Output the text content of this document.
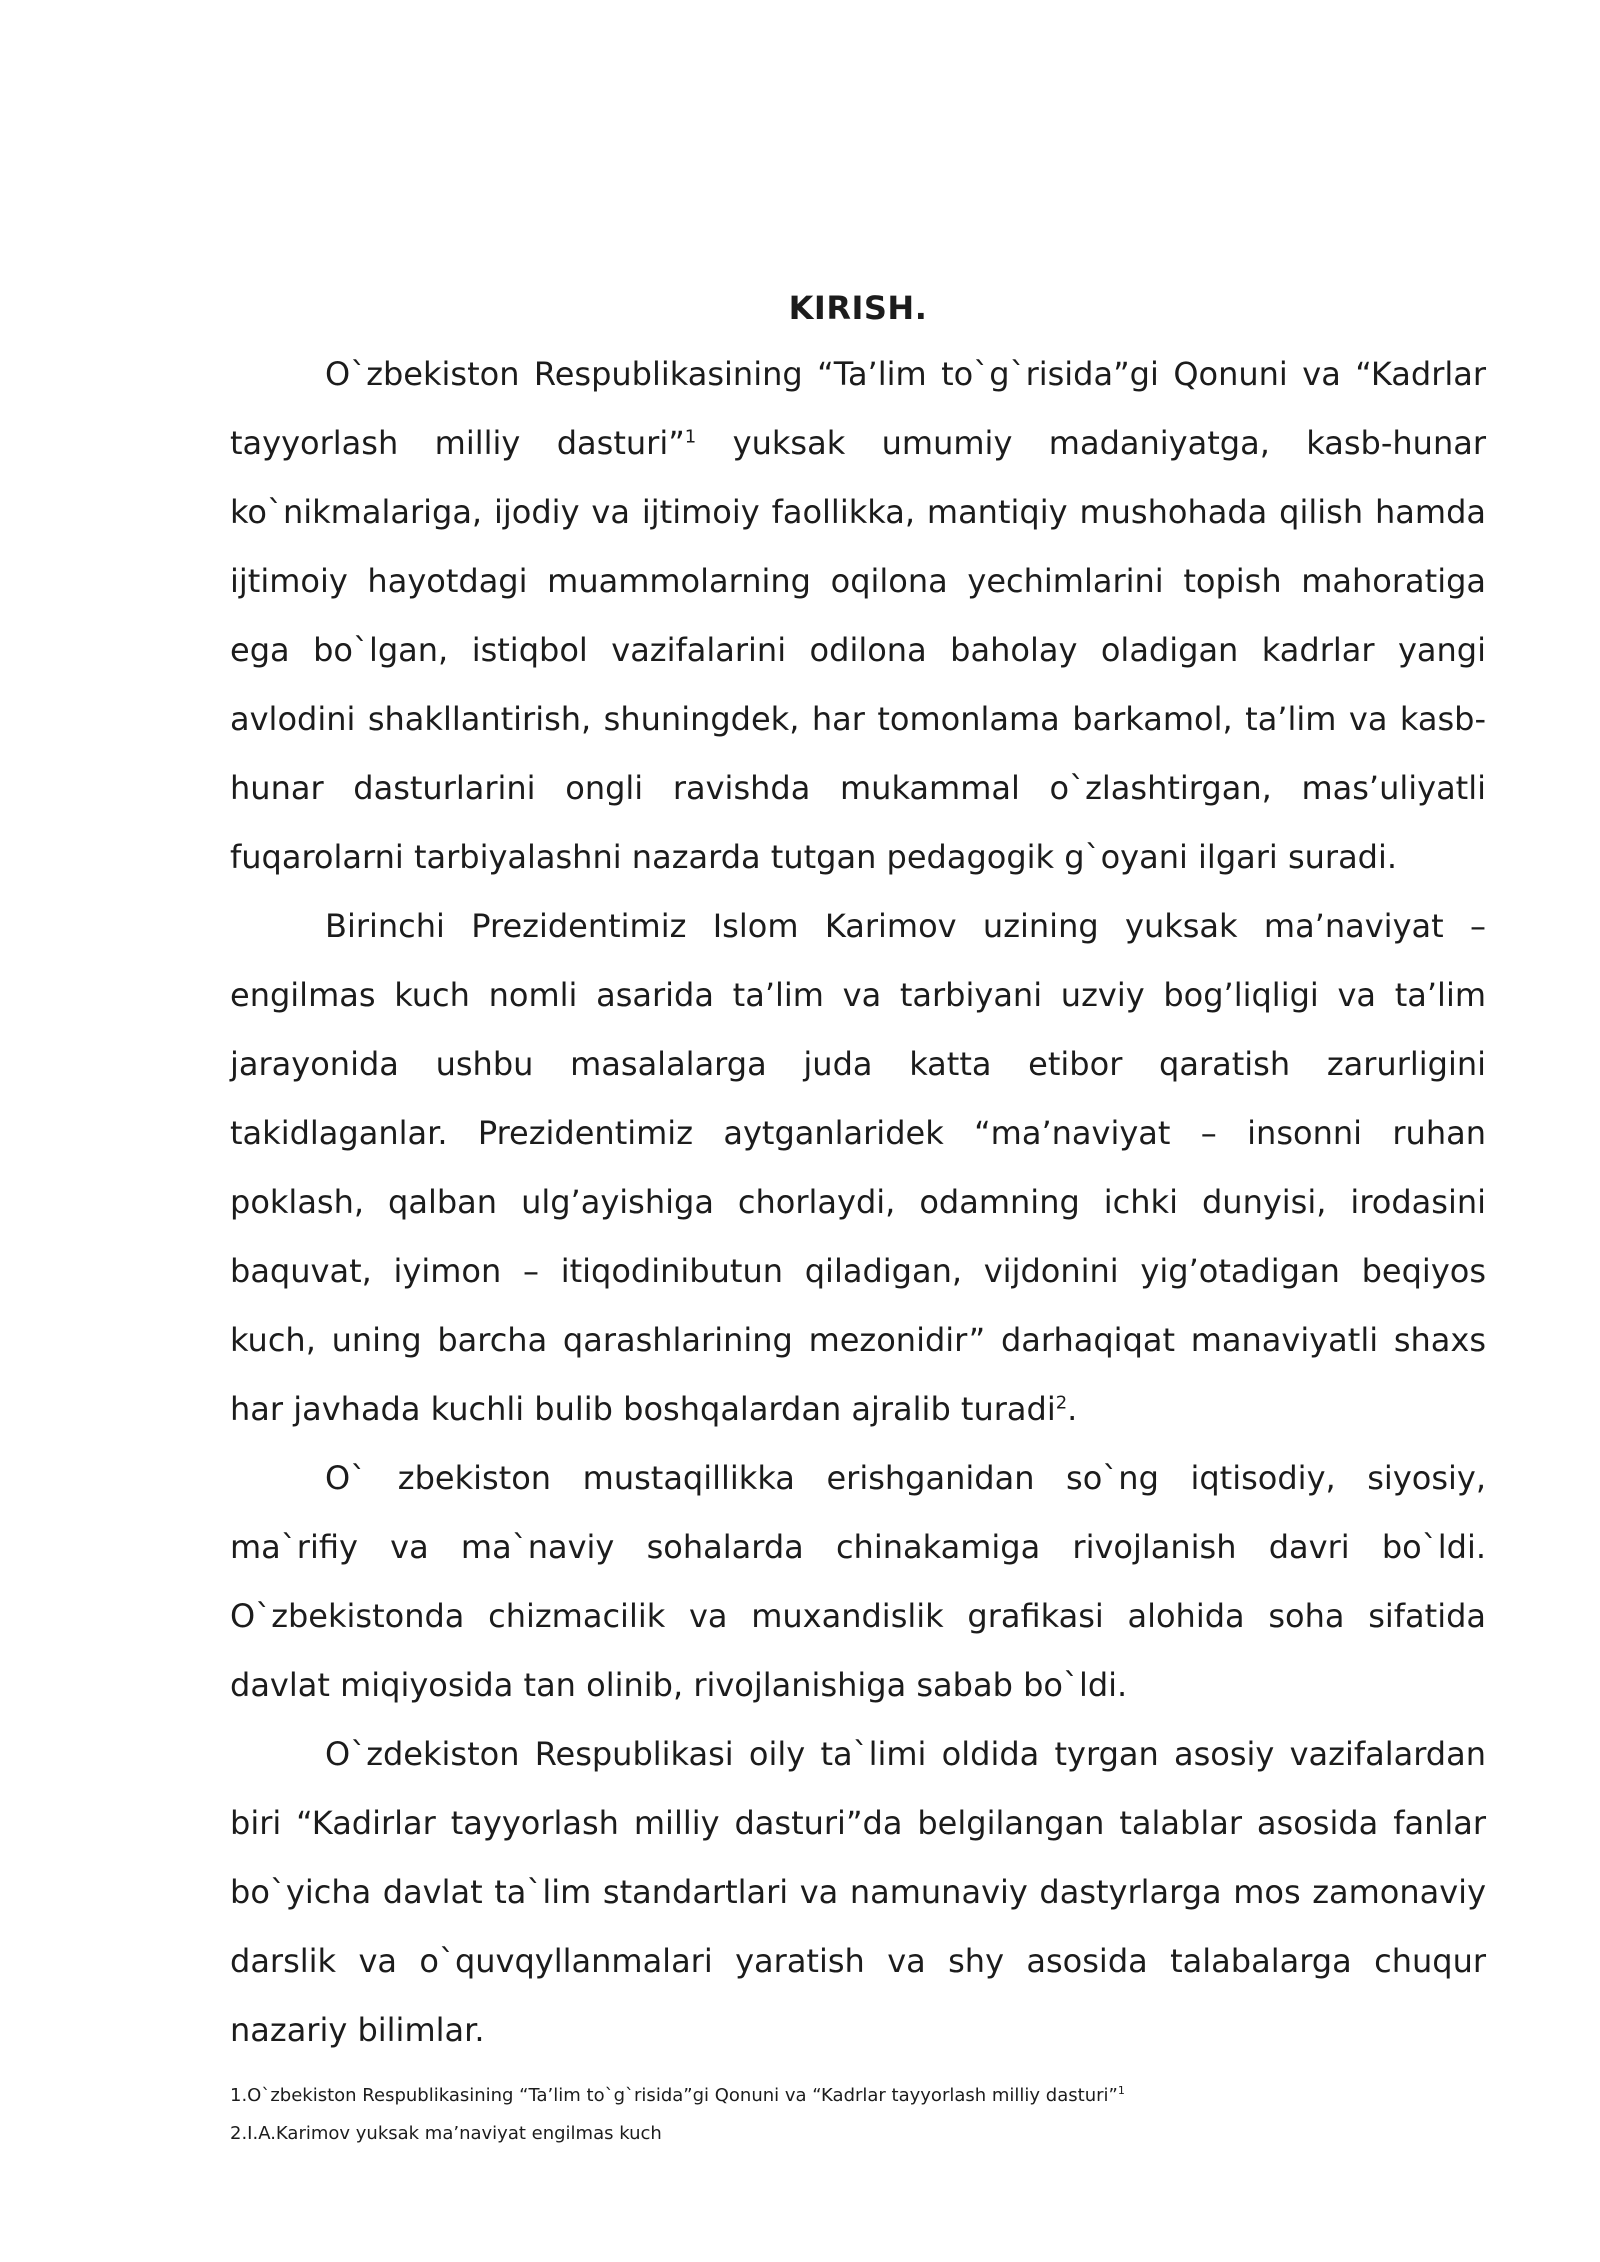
KIRISH.

O`zbekiston Respublikasining “Ta’lim to`g`risida”gi Qonuni va “Kadrlar tayyorlash milliy dasturi”$^1$ yuksak umumiy madaniyatga, kasb-hunar ko`nikmalariga, ijodiy va ijtimoiy faollikka, mantiqiy mushohada qilish hamda ijtimoiy hayotdagi muammolarning oqilona yechimlarini topish mahoratiga ega bo`lgan, istiqbol vazifalarini odilona baholay oladigan kadrlar yangi avlodini shakllantirish, shuningdek, har tomonlama barkamol, ta’lim va kasb-hunar dasturlarini ongli ravishda mukammal o`zlashtirgan, mas’uliyatli fuqarolarni tarbiyalashni nazarda tutgan pedagogik g`oyani ilgari suradi.

Birinchi Prezidentimiz Islom Karimov uzining yuksak ma’naviyat – engilmas kuch nomli asarida ta’lim va tarbiyani uzviy bog’liqligi va ta’lim jarayonida ushbu masalalarga juda katta etibor qaratish zarurligini takidlaganlar. Prezidentimiz aytganlaridek “ma’naviyat – insonni ruhan poklash, qalban ulg’ayishiga chorlaydi, odamning ichki dunyisi, irodasini baquvat, iyimon – itiqodinibutun qiladigan, vijdonini yig’otadigan beqiyos kuch, uning barcha qarashlarining mezonidir” darhaqiqat manaviyatli shaxs har javhada kuchli bulib boshqalardan ajralib turadi$^2$.

O` zbekiston mustaqillikka erishganidan so`ng iqtisodiy, siyosiy, ma`rifiy va ma`naviy sohalarda chinakamiga rivojlanish davri bo`ldi. O`zbekistonda chizmacilik va muxandislik grafikasi alohida soha sifatida davlat miqiyosida tan olinib, rivojlanishiga sabab bo`ldi.

O`zdekiston Respublikasi oily ta`limi oldida tyrgan asosiy vazifalardan biri “Kadirlar tayyorlash milliy dasturi”da belgilangan talablar asosida fanlar bo`yicha davlat ta`lim standartlari va namunaviy dastyrlarga mos zamonaviy darslik va o`quvqyllanmalari yaratish va shy asosida talabalarga chuqur nazariy bilimlar.

1.O`zbekiston Respublikasining “Ta’lim to`g`risida”gi Qonuni va “Kadrlar tayyorlash milliy dasturi”$^1$

2.I.A.Karimov yuksak ma’naviyat engilmas kuch
